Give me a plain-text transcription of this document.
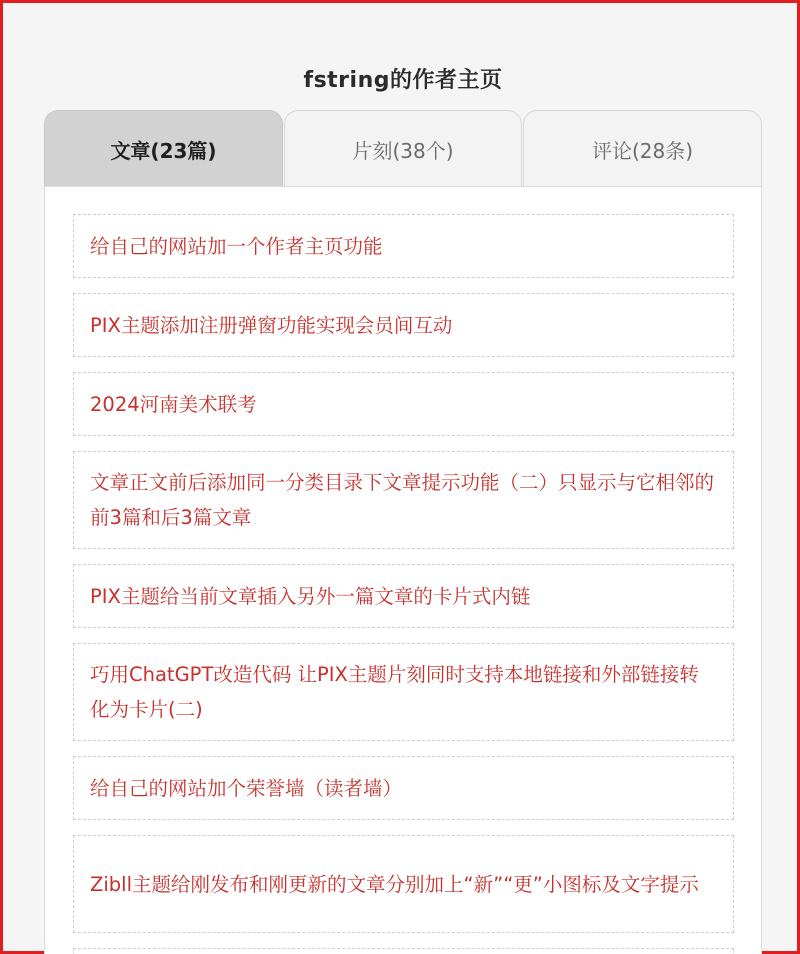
fstring的作者主页
文章(23篇)	片刻(38个)	评论(28条)
给自己的网站加一个作者主页功能
PIX主题添加注册弹窗功能实现会员间互动
2024河南美术联考
文章正文前后添加同一分类目录下文章提示功能（二）只显示与它相邻的前3篇和后3篇文章
PIX主题给当前文章插入另外一篇文章的卡片式内链
巧用ChatGPT改造代码 让PIX主题片刻同时支持本地链接和外部链接转化为卡片(二)
给自己的网站加个荣誉墙（读者墙）
Zibll主题给刚发布和刚更新的文章分别加上“新”“更”小图标及文字提示
